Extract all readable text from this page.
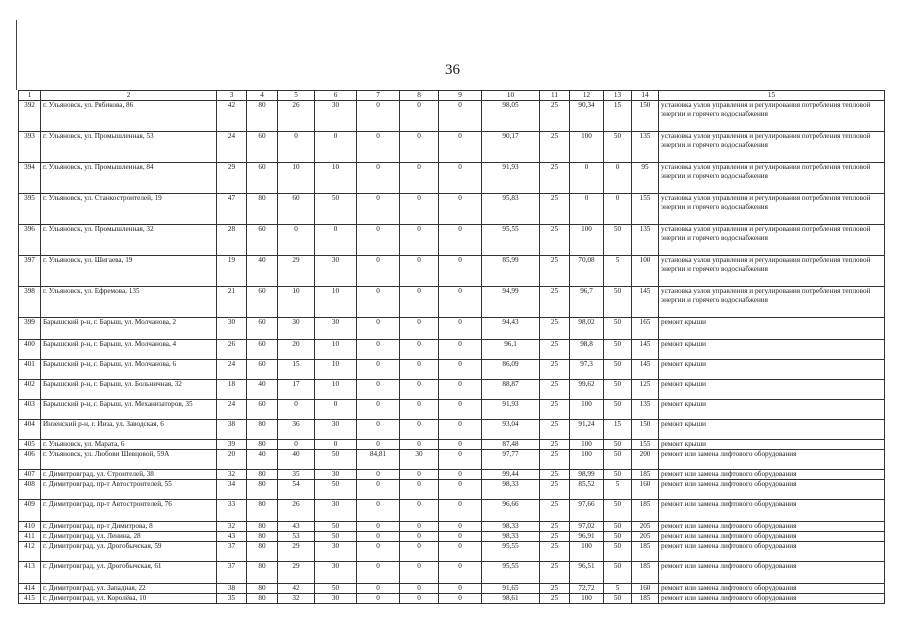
36
1	2	3	4	5	6	7	8	9	10	11	12	13	14	15
392	г. Ульяновск, ул. Рябикова, 86	42	80	26	30	0	0	0	98,05	25	90,34	15	150	установка узлов управления и регулирования потребления тепловой энергии и горячего водоснабжения
393	г. Ульяновск, ул. Промышленная, 53	24	60	0	0	0	0	0	90,17	25	100	50	135	установка узлов управления и регулирования потребления тепловой энергии и горячего водоснабжения
394	г. Ульяновск, ул. Промышленная, 84	29	60	10	10	0	0	0	91,93	25	0	0	95	установка узлов управления и регулирования потребления тепловой энергии и горячего водоснабжения
395	г. Ульяновск, ул. Станкостроителей, 19	47	80	60	50	0	0	0	95,83	25	0	0	155	установка узлов управления и регулирования потребления тепловой энергии и горячего водоснабжения
396	г. Ульяновск, ул. Промышленная, 32	28	60	0	0	0	0	0	95,55	25	100	50	135	установка узлов управления и регулирования потребления тепловой энергии и горячего водоснабжения
397	г. Ульяновск, ул. Шигаева, 19	19	40	29	30	0	0	0	85,99	25	70,08	5	100	установка узлов управления и регулирования потребления тепловой энергии и горячего водоснабжения
398	г. Ульяновск, ул. Ефремова, 135	21	60	10	10	0	0	0	94,99	25	96,7	50	145	установка узлов управления и регулирования потребления тепловой энергии и горячего водоснабжения
399	Барышский р-н, г. Барыш, ул. Молчанова, 2	30	60	30	30	0	0	0	94,43	25	98,02	50	165	ремонт крыши
400	Барышский р-н, г. Барыш, ул. Молчанова, 4	26	60	20	10	0	0	0	96,1	25	98,8	50	145	ремонт крыши
401	Барышский р-н, г. Барыш, ул. Молчанова, 6	24	60	15	10	0	0	0	86,09	25	97,3	50	145	ремонт крыши
402	Барышский р-н, г. Барыш, ул. Больничная, 32	18	40	17	10	0	0	0	88,87	25	99,62	50	125	ремонт крыши
403	Барышский р-н, г. Барыш, ул. Механизаторов, 35	24	60	0	0	0	0	0	91,93	25	100	50	135	ремонт крыши
404	Инзенский р-н, г. Инза, ул. Заводская, 6	38	80	36	30	0	0	0	93,04	25	91,24	15	150	ремонт крыши
405	г. Ульяновск, ул. Марата, 6	39	80	0	0	0	0	0	87,48	25	100	50	155	ремонт крыши
406	г. Ульяновск, ул. Любови Шевцовой, 59А	20	40	40	50	84,81	30	0	97,77	25	100	50	200	ремонт или замена лифтового оборудования
407	г. Димитровград, ул. Строителей, 38	32	80	35	30	0	0	0	99,44	25	98,99	50	185	ремонт или замена лифтового оборудования
408	г. Димитровград, пр-т Автостроителей, 55	34	80	54	50	0	0	0	98,33	25	85,52	5	160	ремонт или замена лифтового оборудования
409	г. Димитровград, пр-т Автостроителей, 76	33	80	26	30	0	0	0	96,66	25	97,66	50	185	ремонт или замена лифтового оборудования
410	г. Димитровград, пр-т Димитрова, 8	32	80	43	50	0	0	0	98,33	25	97,02	50	205	ремонт или замена лифтового оборудования
411	г. Димитровград, ул. Ленина, 28	43	80	53	50	0	0	0	98,33	25	96,91	50	205	ремонт или замена лифтового оборудования
412	г. Димитровград, ул. Дрогобычская, 59	37	80	29	30	0	0	0	95,55	25	100	50	185	ремонт или замена лифтового оборудования
413	г. Димитровград, ул. Дрогобычская, 61	37	80	29	30	0	0	0	95,55	25	96,51	50	185	ремонт или замена лифтового оборудования
414	г. Димитровград, ул. Западная, 22	38	80	42	50	0	0	0	91,65	25	72,72	5	160	ремонт или замена лифтового оборудования
415	г. Димитровград, ул. Королёва, 10	35	80	32	30	0	0	0	98,61	25	100	50	185	ремонт или замена лифтового оборудования
